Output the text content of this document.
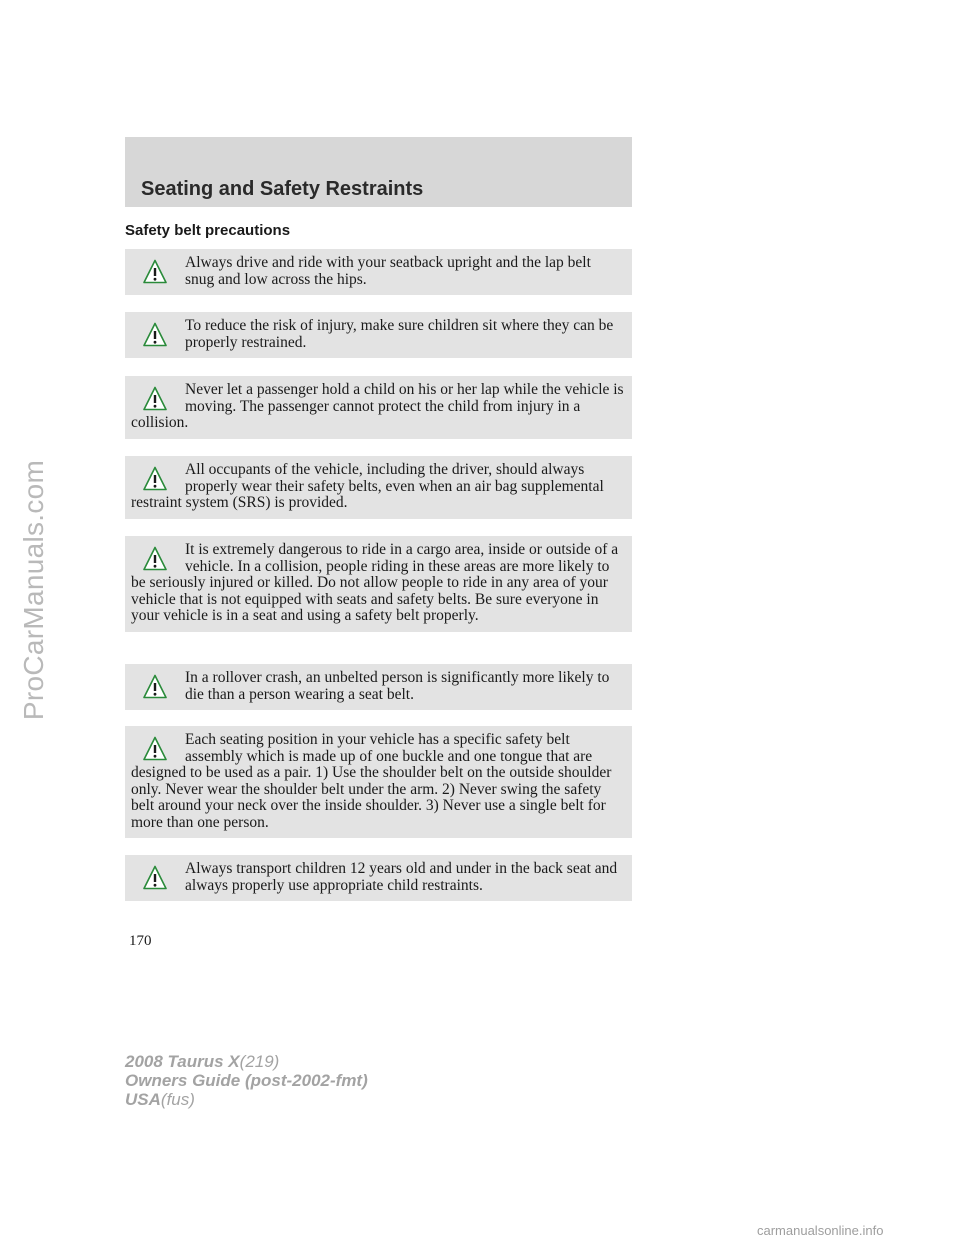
ProCarManuals.com
Seating and Safety Restraints
Safety belt precautions

Always drive and ride with your seatback upright and the lap belt snug and low across the hips.

To reduce the risk of injury, make sure children sit where they can be properly restrained.

Never let a passenger hold a child on his or her lap while the vehicle is moving. The passenger cannot protect the child from injury in a collision.

All occupants of the vehicle, including the driver, should always properly wear their safety belts, even when an air bag supplemental restraint system (SRS) is provided.

It is extremely dangerous to ride in a cargo area, inside or outside of a vehicle. In a collision, people riding in these areas are more likely to be seriously injured or killed. Do not allow people to ride in any area of your vehicle that is not equipped with seats and safety belts. Be sure everyone in your vehicle is in a seat and using a safety belt properly.

In a rollover crash, an unbelted person is significantly more likely to die than a person wearing a seat belt.

Each seating position in your vehicle has a specific safety belt assembly which is made up of one buckle and one tongue that are designed to be used as a pair. 1) Use the shoulder belt on the outside shoulder only. Never wear the shoulder belt under the arm. 2) Never swing the safety belt around your neck over the inside shoulder. 3) Never use a single belt for more than one person.

Always transport children 12 years old and under in the back seat and always properly use appropriate child restraints.

170
2008 Taurus X(219)
Owners Guide (post-2002-fmt)
USA(fus)
carmanualsonline.info
